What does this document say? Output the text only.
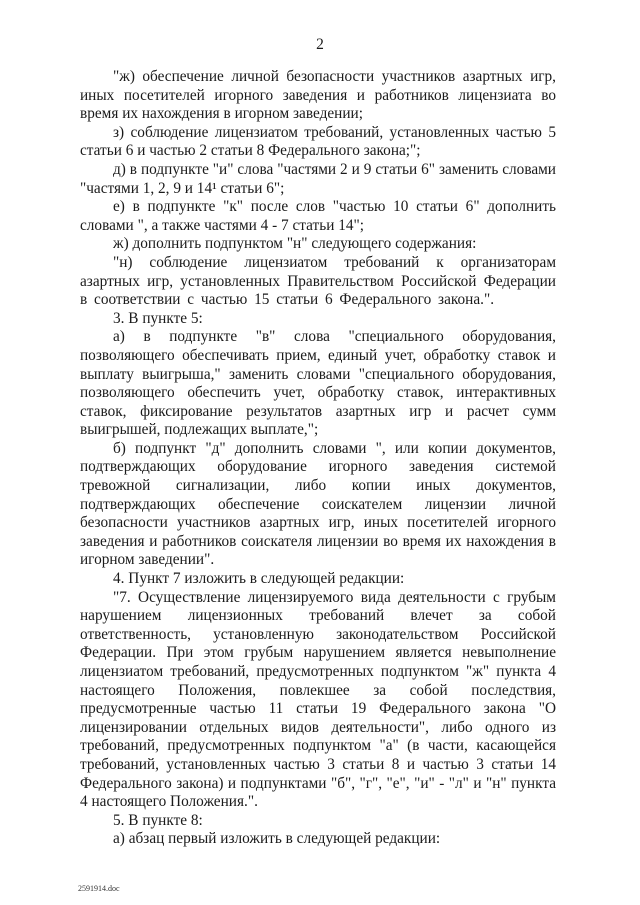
2

"ж) обеспечение личной безопасности участников азартных игр, иных посетителей игорного заведения и работников лицензиата во время их нахождения в игорном заведении;

з) соблюдение лицензиатом требований, установленных частью 5 статьи 6 и частью 2 статьи 8 Федерального закона;";

д) в подпункте "и" слова "частями 2 и 9 статьи 6" заменить словами "частями 1, 2, 9 и 14¹ статьи 6";

е) в подпункте "к" после слов "частью 10 статьи 6" дополнить словами ", а также частями 4 - 7 статьи 14";

ж) дополнить подпунктом "н" следующего содержания:

"н) соблюдение лицензиатом требований к организаторам азартных игр, установленных Правительством Российской Федерации в соответствии с частью 15 статьи 6 Федерального закона.".

3. В пункте 5:

а) в подпункте "в" слова "специального оборудования, позволяющего обеспечивать прием, единый учет, обработку ставок и выплату выигрыша," заменить словами "специального оборудования, позволяющего обеспечить учет, обработку ставок, интерактивных ставок, фиксирование результатов азартных игр и расчет сумм выигрышей, подлежащих выплате,";

б) подпункт "д" дополнить словами ", или копии документов, подтверждающих оборудование игорного заведения системой тревожной сигнализации, либо копии иных документов, подтверждающих обеспечение соискателем лицензии личной безопасности участников азартных игр, иных посетителей игорного заведения и работников соискателя лицензии во время их нахождения в игорном заведении".

4. Пункт 7 изложить в следующей редакции:

"7. Осуществление лицензируемого вида деятельности с грубым нарушением лицензионных требований влечет за собой ответственность, установленную законодательством Российской Федерации. При этом грубым нарушением является невыполнение лицензиатом требований, предусмотренных подпунктом "ж" пункта 4 настоящего Положения, повлекшее за собой последствия, предусмотренные частью 11 статьи 19 Федерального закона "О лицензировании отдельных видов деятельности", либо одного из требований, предусмотренных подпунктом "а" (в части, касающейся требований, установленных частью 3 статьи 8 и частью 3 статьи 14 Федерального закона) и подпунктами "б", "г", "е", "и" - "л" и "н" пункта 4 настоящего Положения.".

5. В пункте 8:

а) абзац первый изложить в следующей редакции:

2591914.doc
